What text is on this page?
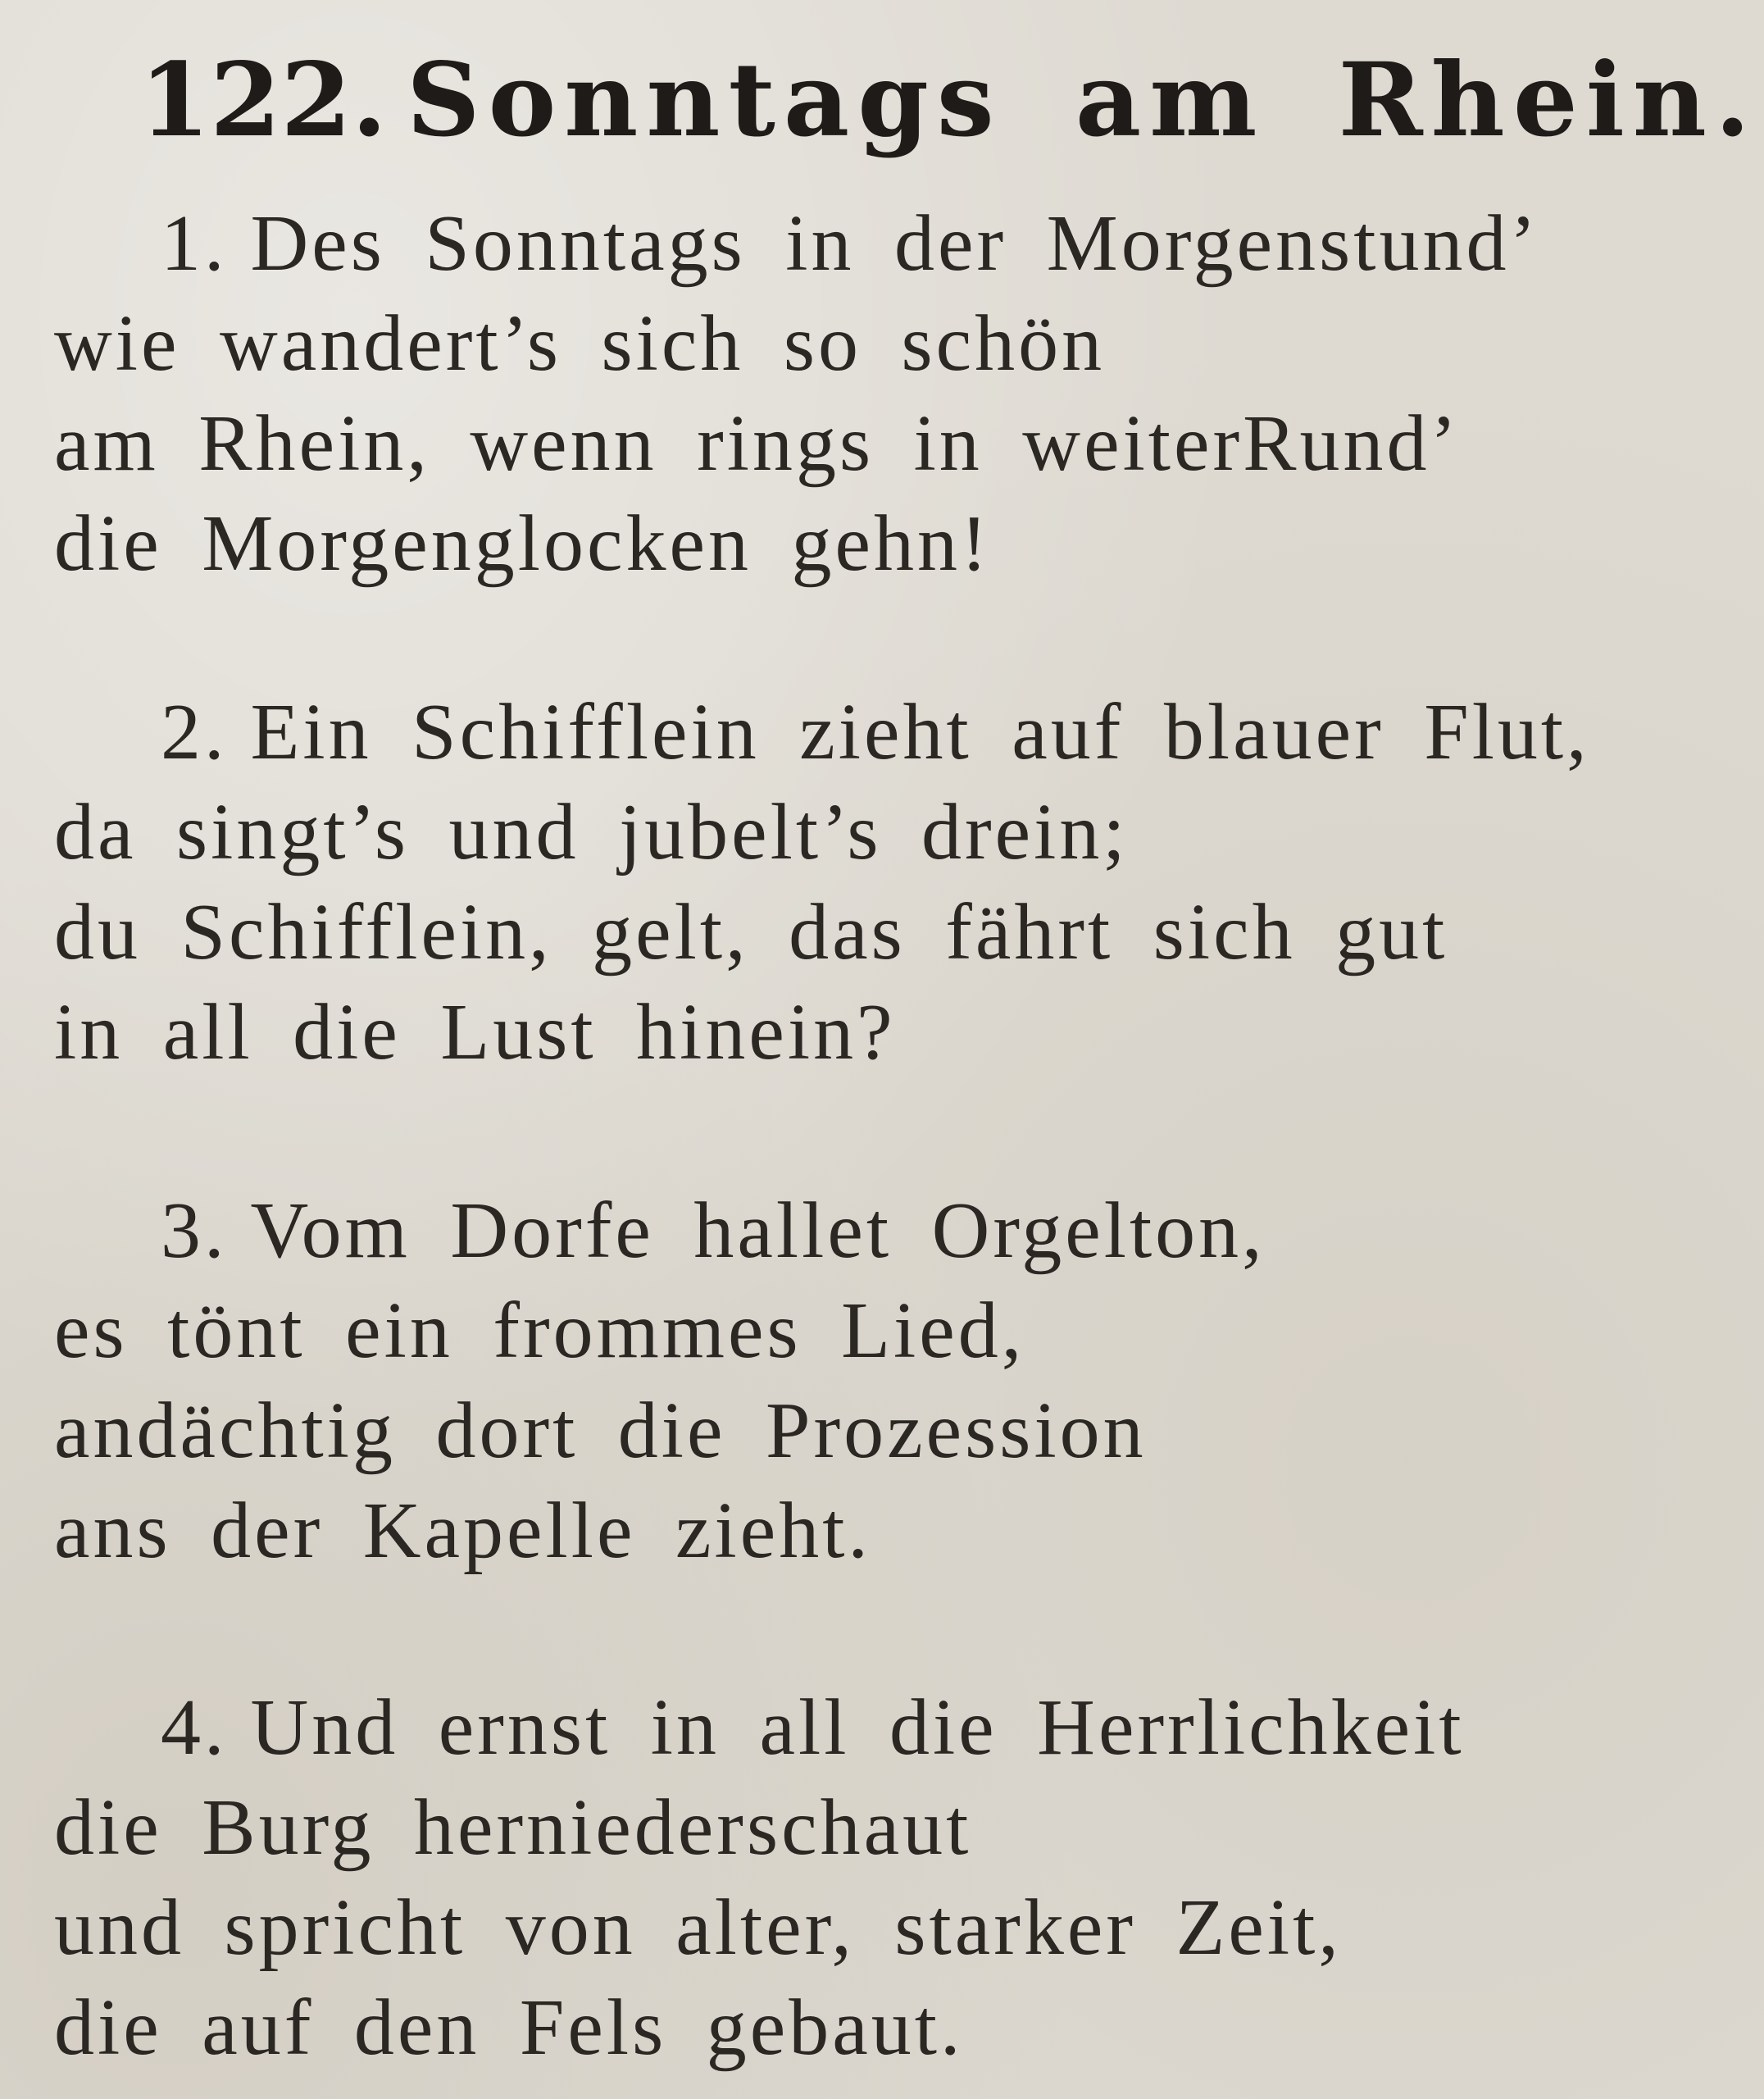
122. Sonntags am Rhein.
1. Des Sonntags in der Morgenstund’
wie wandert’s sich so schön
am Rhein, wenn rings in weiterRund’
die Morgenglocken gehn!
2. Ein Schifflein zieht auf blauer Flut,
da singt’s und jubelt’s drein;
du Schifflein, gelt, das fährt sich gut
in all die Lust hinein?
3. Vom Dorfe hallet Orgelton,
es tönt ein frommes Lied,
andächtig dort die Prozession
ans der Kapelle zieht.
4. Und ernst in all die Herrlichkeit
die Burg herniederschaut
und spricht von alter, starker Zeit,
die auf den Fels gebaut.
